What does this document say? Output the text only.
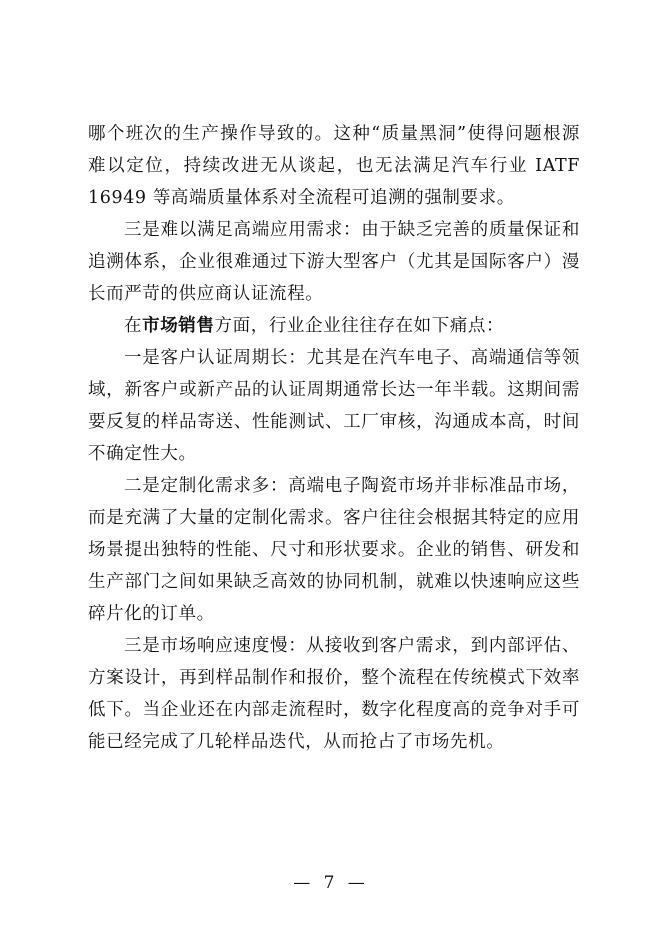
哪个班次的生产操作导致的。这种“质量黑洞”使得问题根源
难以定位，持续改进无从谈起，也无法满足汽车行业 IATF
16949 等高端质量体系对全流程可追溯的强制要求。
三是难以满足高端应用需求：由于缺乏完善的质量保证和
追溯体系，企业很难通过下游大型客户（尤其是国际客户）漫
长而严苛的供应商认证流程。
在市场销售方面，行业企业往往存在如下痛点：
一是客户认证周期长：尤其是在汽车电子、高端通信等领
域，新客户或新产品的认证周期通常长达一年半载。这期间需
要反复的样品寄送、性能测试、工厂审核，沟通成本高，时间
不确定性大。
二是定制化需求多：高端电子陶瓷市场并非标准品市场，
而是充满了大量的定制化需求。客户往往会根据其特定的应用
场景提出独特的性能、尺寸和形状要求。企业的销售、研发和
生产部门之间如果缺乏高效的协同机制，就难以快速响应这些
碎片化的订单。
三是市场响应速度慢：从接收到客户需求，到内部评估、
方案设计，再到样品制作和报价，整个流程在传统模式下效率
低下。当企业还在内部走流程时，数字化程度高的竞争对手可
能已经完成了几轮样品迭代，从而抢占了市场先机。
— 7 —
